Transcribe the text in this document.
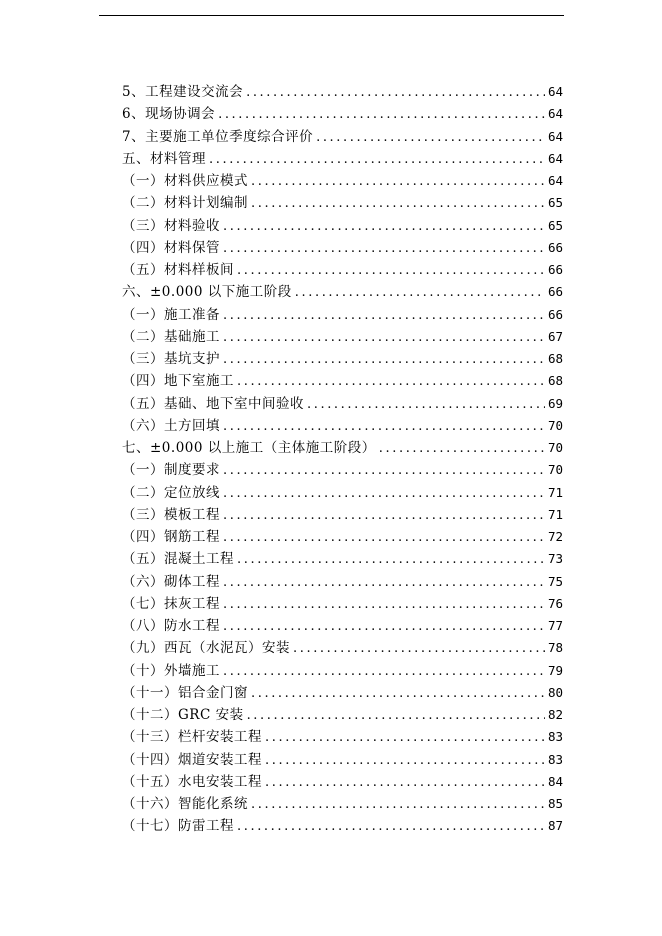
5、工程建设交流会 .....	64
6、现场协调会 .....	64
7、主要施工单位季度综合评价 .....	64
五、材料管理 .....	64
（一）材料供应模式 .....	64
（二）材料计划编制 .....	65
（三）材料验收 .....	65
（四）材料保管 .....	66
（五）材料样板间 .....	66
六、±0.000 以下施工阶段 .....	66
（一）施工准备 .....	66
（二）基础施工 .....	67
（三）基坑支护 .....	68
（四）地下室施工 .....	68
（五）基础、地下室中间验收 .....	69
（六）土方回填 .....	70
七、±0.000 以上施工（主体施工阶段） .....	70
（一）制度要求 .....	70
（二）定位放线 .....	71
（三）模板工程 .....	71
（四）钢筋工程 .....	72
（五）混凝土工程 .....	73
（六）砌体工程 .....	75
（七）抹灰工程 .....	76
（八）防水工程 .....	77
（九）西瓦（水泥瓦）安装 .....	78
（十）外墙施工 .....	79
（十一）铝合金门窗 .....	80
（十二）GRC 安装 .....	82
（十三）栏杆安装工程 .....	83
（十四）烟道安装工程 .....	83
（十五）水电安装工程 .....	84
（十六）智能化系统 .....	85
（十七）防雷工程 .....	87
